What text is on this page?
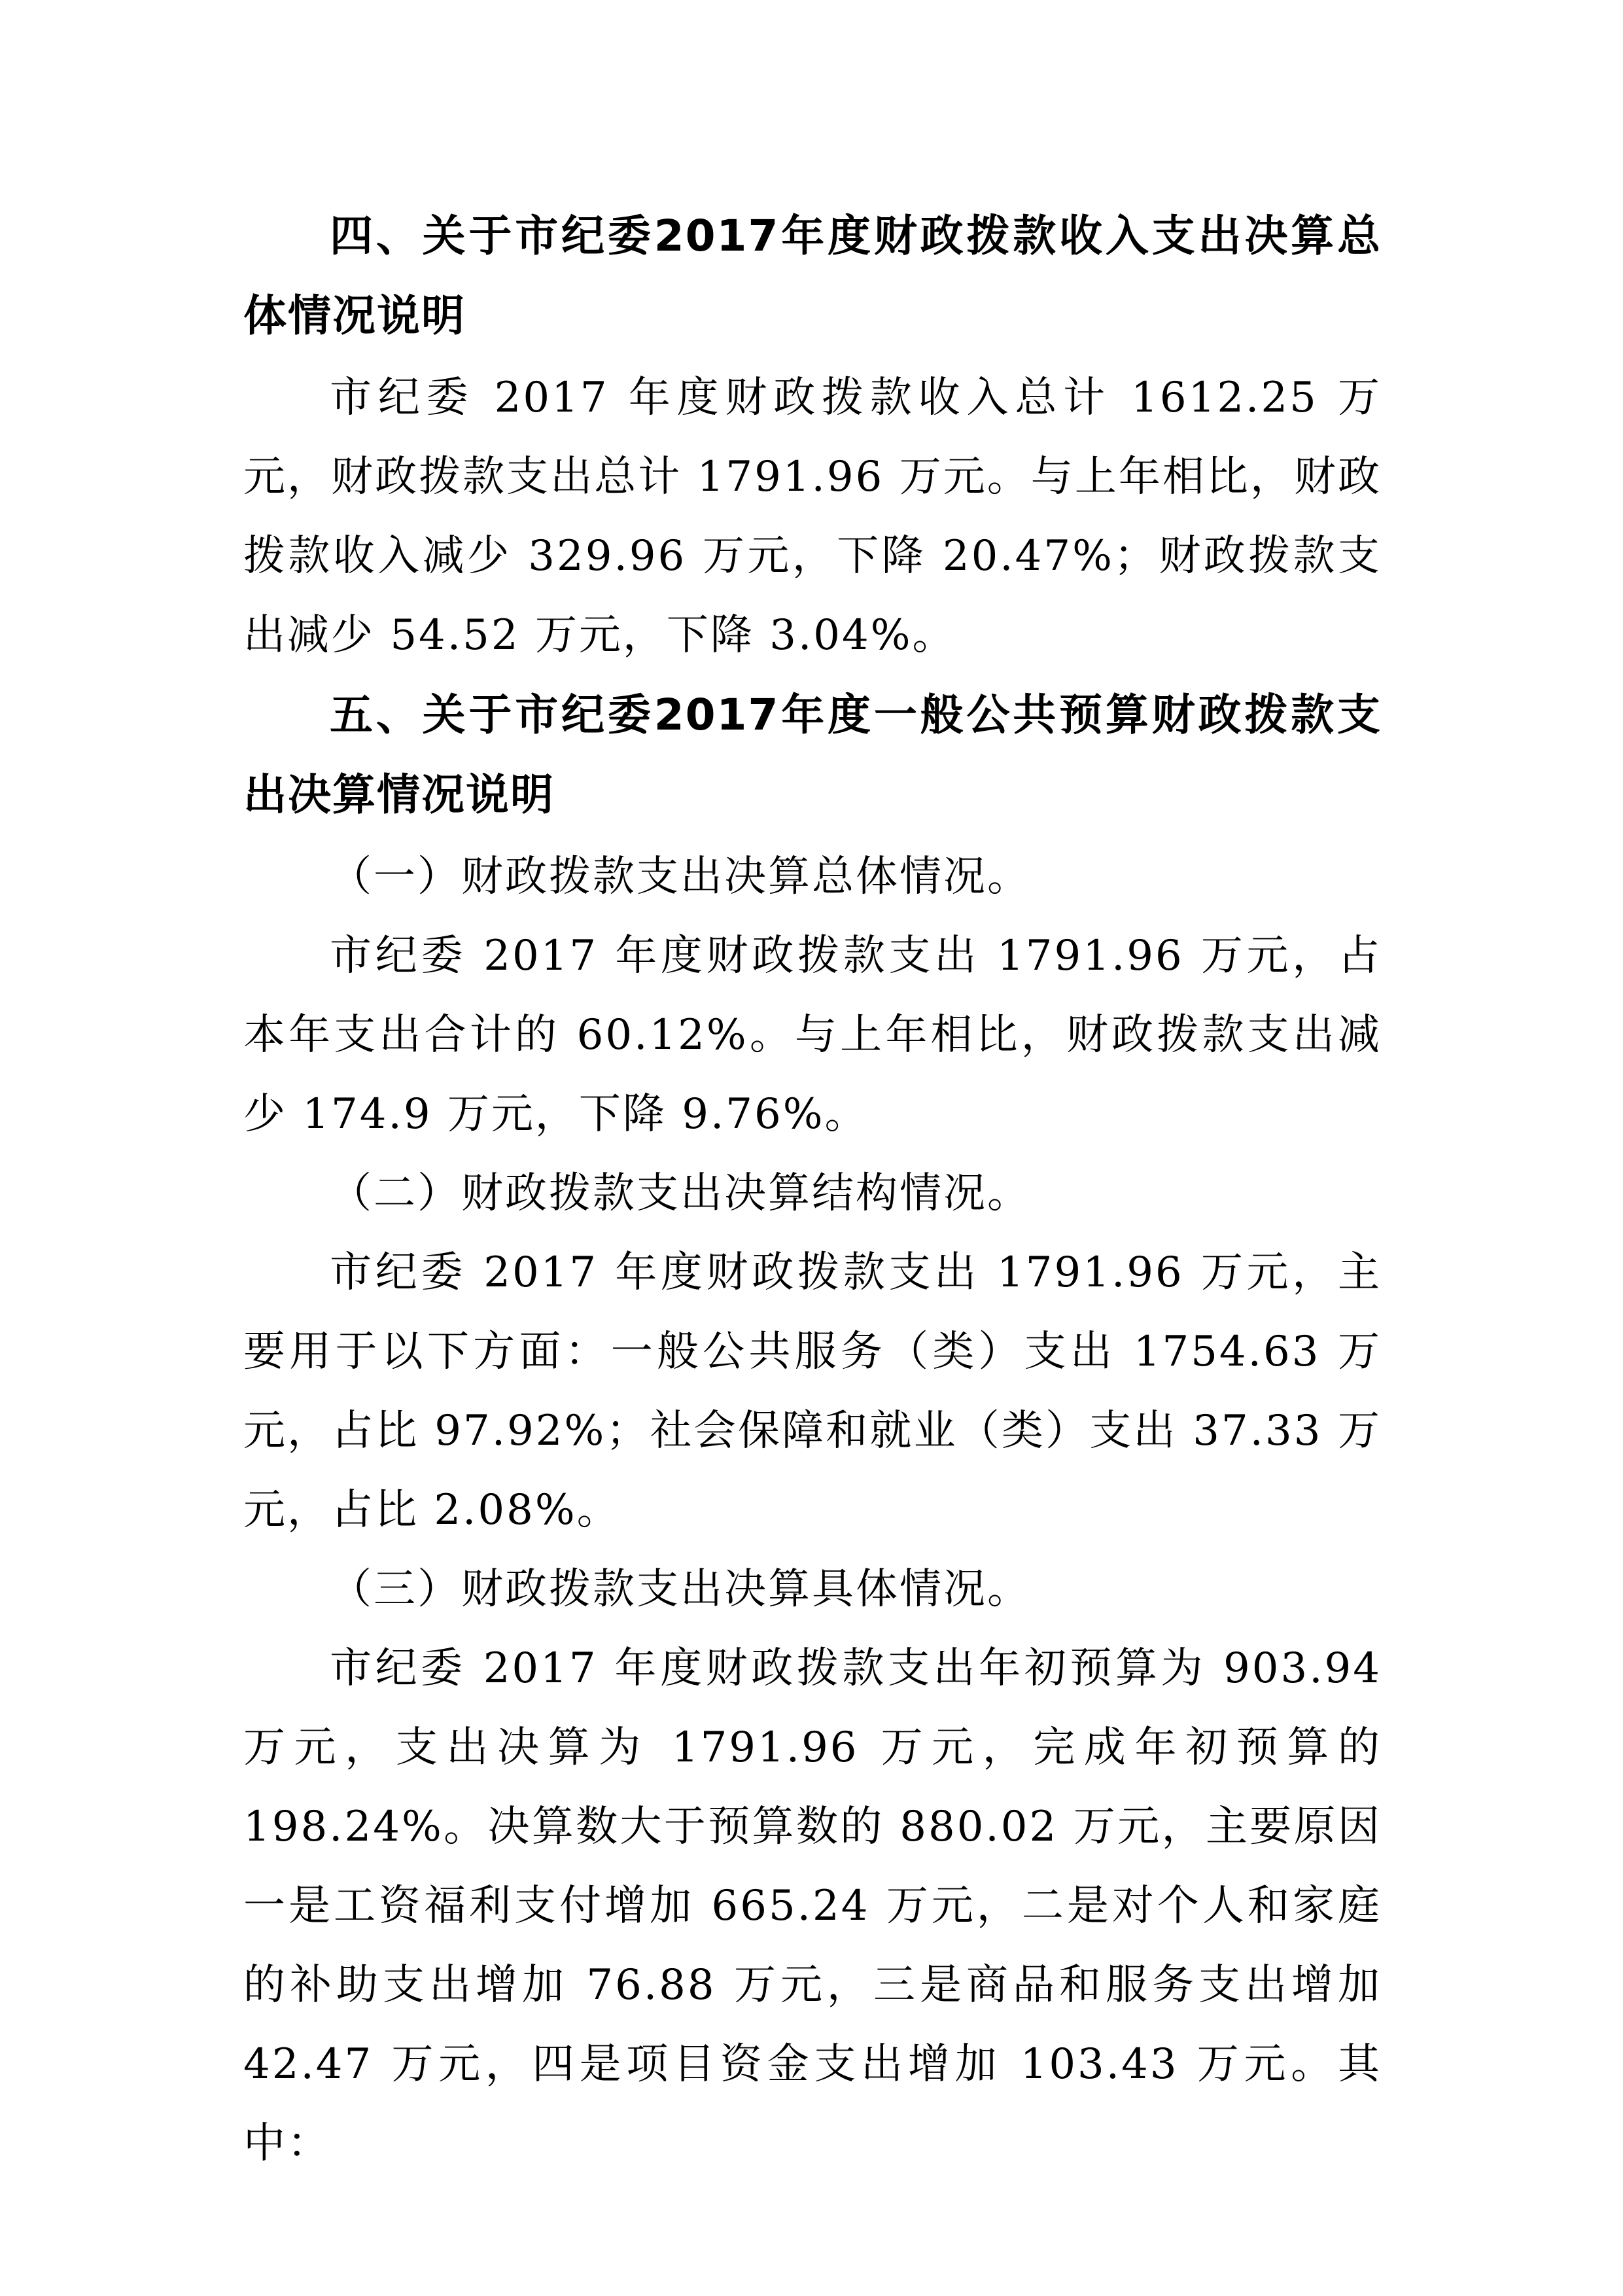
四、关于市纪委2017年度财政拨款收入支出决算总体情况说明

市纪委 2017 年度财政拨款收入总计 1612.25 万元，财政拨款支出总计 1791.96 万元。与上年相比，财政拨款收入减少 329.96 万元，下降 20.47%；财政拨款支出减少 54.52 万元，下降 3.04%。

五、关于市纪委2017年度一般公共预算财政拨款支出决算情况说明

（一）财政拨款支出决算总体情况。

市纪委 2017 年度财政拨款支出 1791.96 万元，占本年支出合计的 60.12%。与上年相比，财政拨款支出减少 174.9 万元，下降 9.76%。

（二）财政拨款支出决算结构情况。

市纪委 2017 年度财政拨款支出 1791.96 万元，主要用于以下方面：一般公共服务（类）支出 1754.63 万元，占比 97.92%；社会保障和就业（类）支出 37.33 万元，占比 2.08%。

（三）财政拨款支出决算具体情况。

市纪委 2017 年度财政拨款支出年初预算为 903.94 万元，支出决算为 1791.96 万元，完成年初预算的 198.24%。决算数大于预算数的 880.02 万元，主要原因一是工资福利支付增加 665.24 万元，二是对个人和家庭的补助支出增加 76.88 万元，三是商品和服务支出增加 42.47 万元，四是项目资金支出增加 103.43 万元。其中：
